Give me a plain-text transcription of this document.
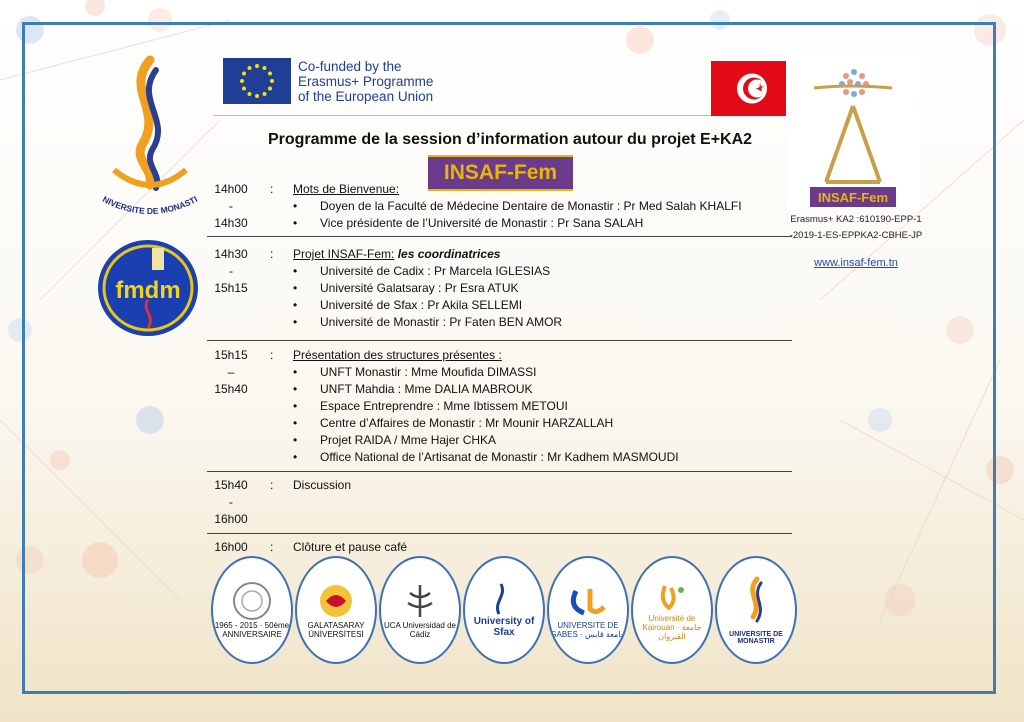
Co-funded by the
Erasmus+ Programme
of the European Union
Programme de la session d’information autour du projet E+KA2
INSAF-Fem
INSAF-Fem
Erasmus+ KA2 :610190-EPP-1
-2019-1-ES-EPPKA2-CBHE-JP
www.insaf-fem.tn
NIVERSITE DE MONASTI
fmdm
14h00
-
14h30
: Mots de Bienvenue:
• Doyen de la Faculté de Médecine Dentaire de Monastir : Pr Med Salah KHALFI
• Vice présidente de l’Université de Monastir : Pr Sana SALAH
14h30
-
15h15
: Projet INSAF-Fem: les coordinatrices
• Université de Cadix : Pr Marcela IGLESIAS
• Université Galatsaray : Pr Esra ATUK
• Université de Sfax : Pr Akila SELLEMI
• Université de Monastir : Pr Faten BEN AMOR
15h15
–
15h40
: Présentation des structures présentes :
• UNFT Monastir : Mme Moufida DIMASSI
• UNFT Mahdia : Mme DALIA MABROUK
• Espace Entreprendre : Mme Ibtissem METOUI
• Centre d’Affaires de Monastir : Mr Mounir HARZALLAH
• Projet RAIDA / Mme Hajer CHKA
• Office National de l’Artisanat de Monastir : Mr Kadhem MASMOUDI
15h40
-
16h00
: Discussion
16h00	: Clôture et pause café
1965 - 2015 · 50ème ANNIVERSAIRE
GALATASARAY ÜNİVERSİTESİ
UCA Universidad de Cádiz
University of Sfax
UNIVERSITE DE GABES · جامعة قابس
Université de Kairouan · جامعة القيروان	UNIVERSITE DE MONASTIR
